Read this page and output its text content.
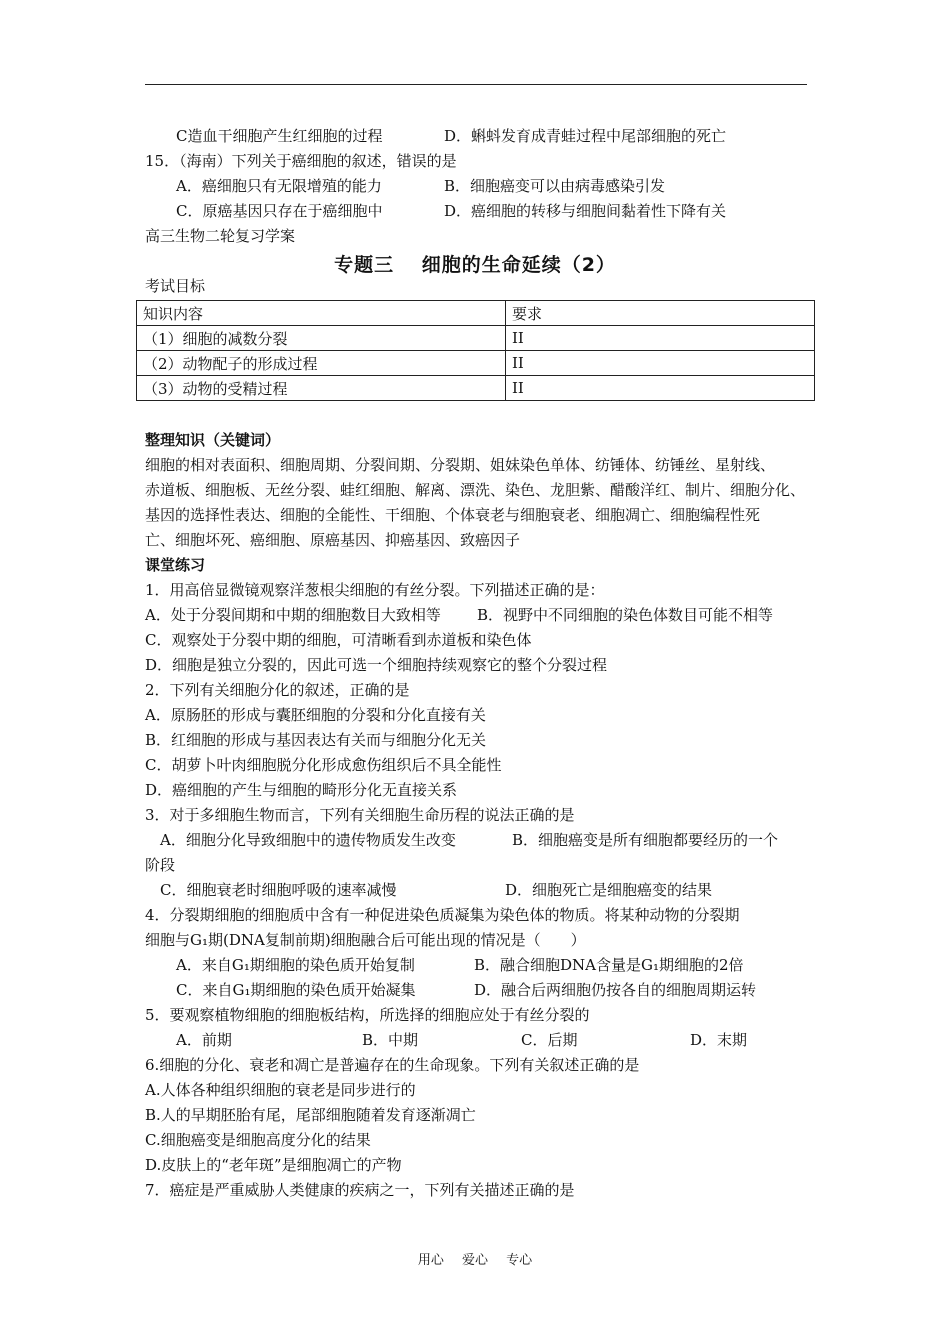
C造血干细胞产生红细胞的过程	D．蝌蚪发育成青蛙过程中尾部细胞的死亡
15．（海南）下列关于癌细胞的叙述，错误的是
A．癌细胞只有无限增殖的能力	B．细胞癌变可以由病毒感染引发
C．原癌基因只存在于癌细胞中	D．癌细胞的转移与细胞间黏着性下降有关
高三生物二轮复习学案
专题三　 细胞的生命延续（2）
考试目标
知识内容	要求
（1）细胞的减数分裂	II
（2）动物配子的形成过程	II
（3）动物的受精过程	II
整理知识（关键词）
细胞的相对表面积、细胞周期、分裂间期、分裂期、姐妹染色单体、纺锤体、纺锤丝、星射线、
赤道板、细胞板、无丝分裂、蛙红细胞、解离、漂洗、染色、龙胆紫、醋酸洋红、制片、细胞分化、
基因的选择性表达、细胞的全能性、干细胞、个体衰老与细胞衰老、细胞凋亡、细胞编程性死
亡、细胞坏死、癌细胞、原癌基因、抑癌基因、致癌因子
课堂练习
1．用高倍显微镜观察洋葱根尖细胞的有丝分裂。下列描述正确的是：
A．处于分裂间期和中期的细胞数目大致相等 B．视野中不同细胞的染色体数目可能不相等
C．观察处于分裂中期的细胞，可清晰看到赤道板和染色体
D．细胞是独立分裂的，因此可选一个细胞持续观察它的整个分裂过程
2．下列有关细胞分化的叙述，正确的是
A．原肠胚的形成与囊胚细胞的分裂和分化直接有关
B．红细胞的形成与基因表达有关而与细胞分化无关
C．胡萝卜叶肉细胞脱分化形成愈伤组织后不具全能性
D．癌细胞的产生与细胞的畸形分化无直接关系
3．对于多细胞生物而言，下列有关细胞生命历程的说法正确的是
A．细胞分化导致细胞中的遗传物质发生改变	B．细胞癌变是所有细胞都要经历的一个
阶段
C．细胞衰老时细胞呼吸的速率减慢	D．细胞死亡是细胞癌变的结果
4．分裂期细胞的细胞质中含有一种促进染色质凝集为染色体的物质。将某种动物的分裂期
细胞与G₁期(DNA复制前期)细胞融合后可能出现的情况是（　　）
A．来自G₁期细胞的染色质开始复制	B．融合细胞DNA含量是G₁期细胞的2倍
C．来自G₁期细胞的染色质开始凝集	D．融合后两细胞仍按各自的细胞周期运转
5．要观察植物细胞的细胞板结构，所选择的细胞应处于有丝分裂的
A．前期	B．中期	C．后期	D．末期
6.细胞的分化、衰老和凋亡是普遍存在的生命现象。下列有关叙述正确的是
A.人体各种组织细胞的衰老是同步进行的
B.人的早期胚胎有尾，尾部细胞随着发育逐渐凋亡
C.细胞癌变是细胞高度分化的结果
D.皮肤上的“老年斑”是细胞凋亡的产物
7．癌症是严重威胁人类健康的疾病之一，下列有关描述正确的是
用心 爱心 专心
